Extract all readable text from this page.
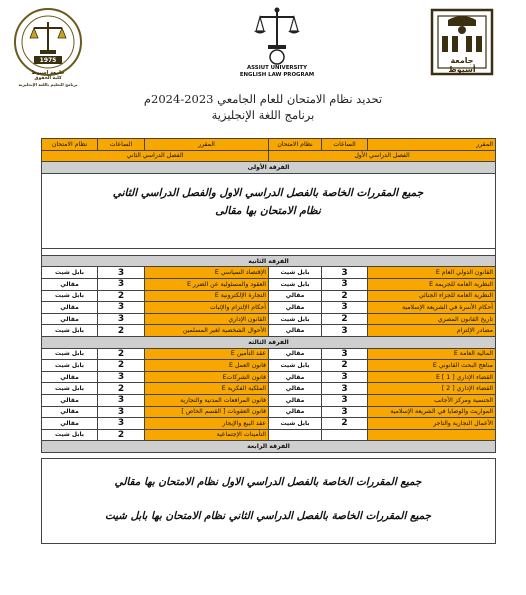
1975
جامعة اسيوط
كلية الحقوق
برنامج التعليم باللغة الإنجليزية
ASSIUT UNIVERSITY
ENGLISH LAW PROGRAM
جامعة أسيوط
تحديد نظام الامتحان للعام الجامعي 2023-2024م
برنامج اللغة الإنجليزية
المقرر	الساعات	نظام الامتحان	المقرر	الساعات	نظام الامتحان
الفصل الدراسي الأول			الفصل الدراسي الثاني		
الفرقة الأولى					

الفرقة الثانية					
القانون الدولي العام E	3	بابل شيت	الإقتصاد السياسي E	3	بابل شيت
النظرية العامة للجريمة E	3	بابل شيت	العقود والمسئولية عن الضرر E	3	مقالي
النظرية العامة للجزاء الجنائي	2	مقالي	التجارة الإلكترونية E	2	بابل شيت
أحكام الأسرة في الشريعة الإسلامية	3	مقالي	أحكام الإلتزام والإثبات	3	مقالي
تاريخ القانون المصري	2	بابل شيت	القانون الإداري	3	مقالي
مصادر الإلتزام	3	مقالي	الأحوال الشخصية لغير المسلمين	2	بابل شيت
الفرقة الثالثة					
المالية العامة E	3	مقالي	عقد التأمين E	2	بابل شيت
مناهج البحث القانوني E	2	بابل شيت	قانون العمل E	2	بابل شيت
القضاء الإداري [ 1 ] E	3	مقالي	قانون الشركاتE	3	مقالي
القضاء الإداري [ 2 ]	3	مقالي	الملكية الفكرية E	2	بابل شيت
الجنسية ومركز الأجانب	3	مقالي	قانون المرافعات المدنية والتجارية	3	مقالي
المواريث والوصايا في الشريعة الإسلامية	3	مقالي	قانون العقوبات [ القسم الخاص ]	3	مقالي
الأعمال التجارية والتاجر	2	بابل شيت	عقد البيع والإيجار	3	مقالي
			التأمينات الإجتماعية	2	بابل شيت
الفرقة الرابعة					
جميع المقررات الخاصة بالفصل الدراسي الاول والفصل الدراسي الثاني
نظام الامتحان بها مقالى
جميع المقررات الخاصة بالفصل الدراسي الاول نظام الامتحان بها مقالي
جميع المقررات الخاصة بالفصل الدراسي الثاني نظام الامتحان بها بابل شيت
